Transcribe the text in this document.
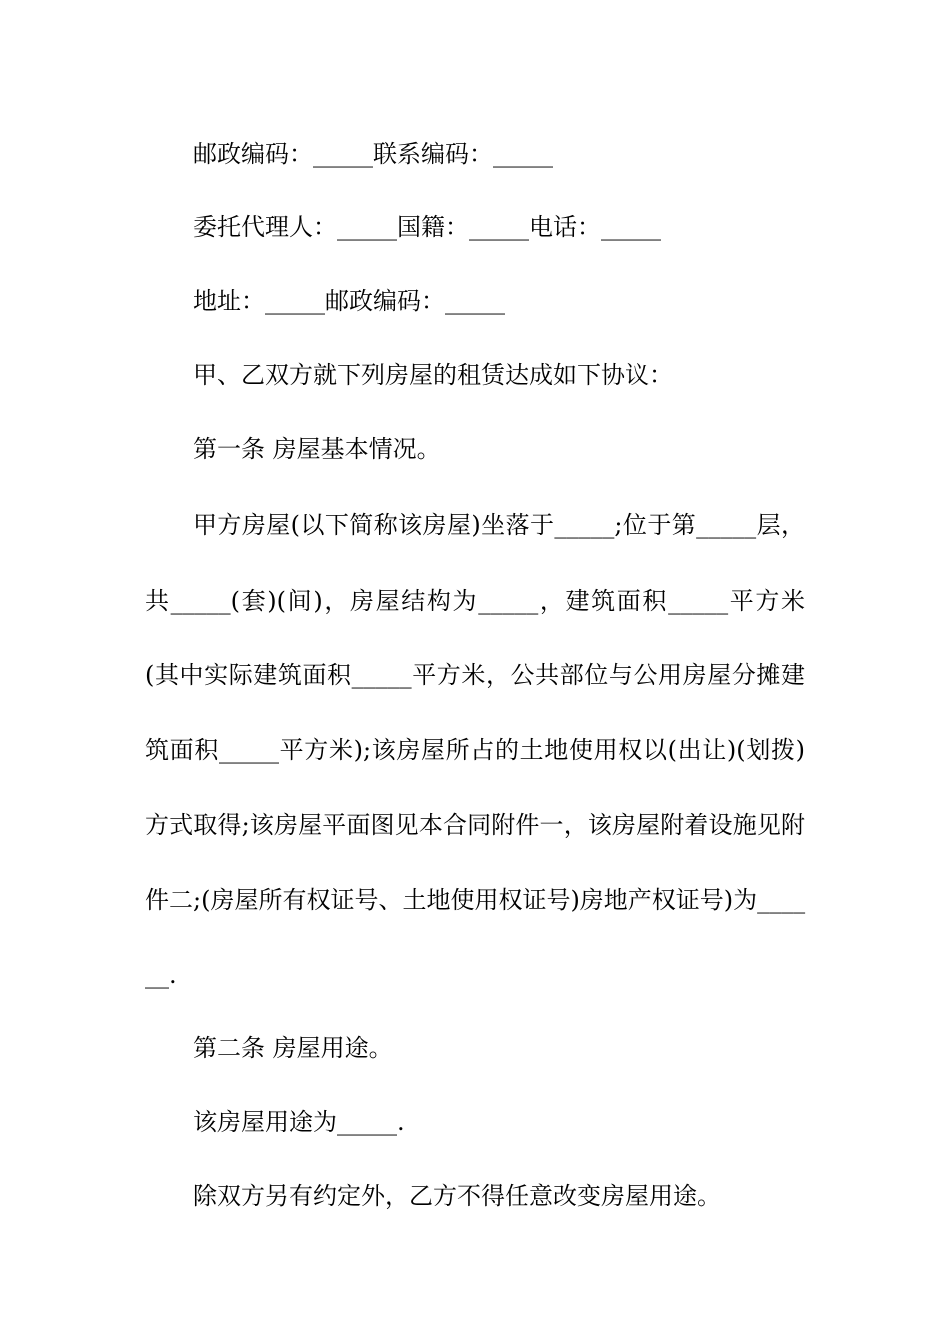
邮政编码：_____联系编码：_____
委托代理人：_____国籍：_____电话：_____
地址：_____邮政编码：_____
甲、乙双方就下列房屋的租赁达成如下协议：
第一条 房屋基本情况。
甲方房屋(以下简称该房屋)坐落于_____;位于第_____层，
共_____(套)(间)，房屋结构为_____，建筑面积_____平方米
(其中实际建筑面积_____平方米，公共部位与公用房屋分摊建
筑面积_____平方米);该房屋所占的土地使用权以(出让)(划拨)
方式取得;该房屋平面图见本合同附件一，该房屋附着设施见附
件二;(房屋所有权证号、土地使用权证号)房地产权证号)为____
__.
第二条 房屋用途。
该房屋用途为_____.
除双方另有约定外，乙方不得任意改变房屋用途。
